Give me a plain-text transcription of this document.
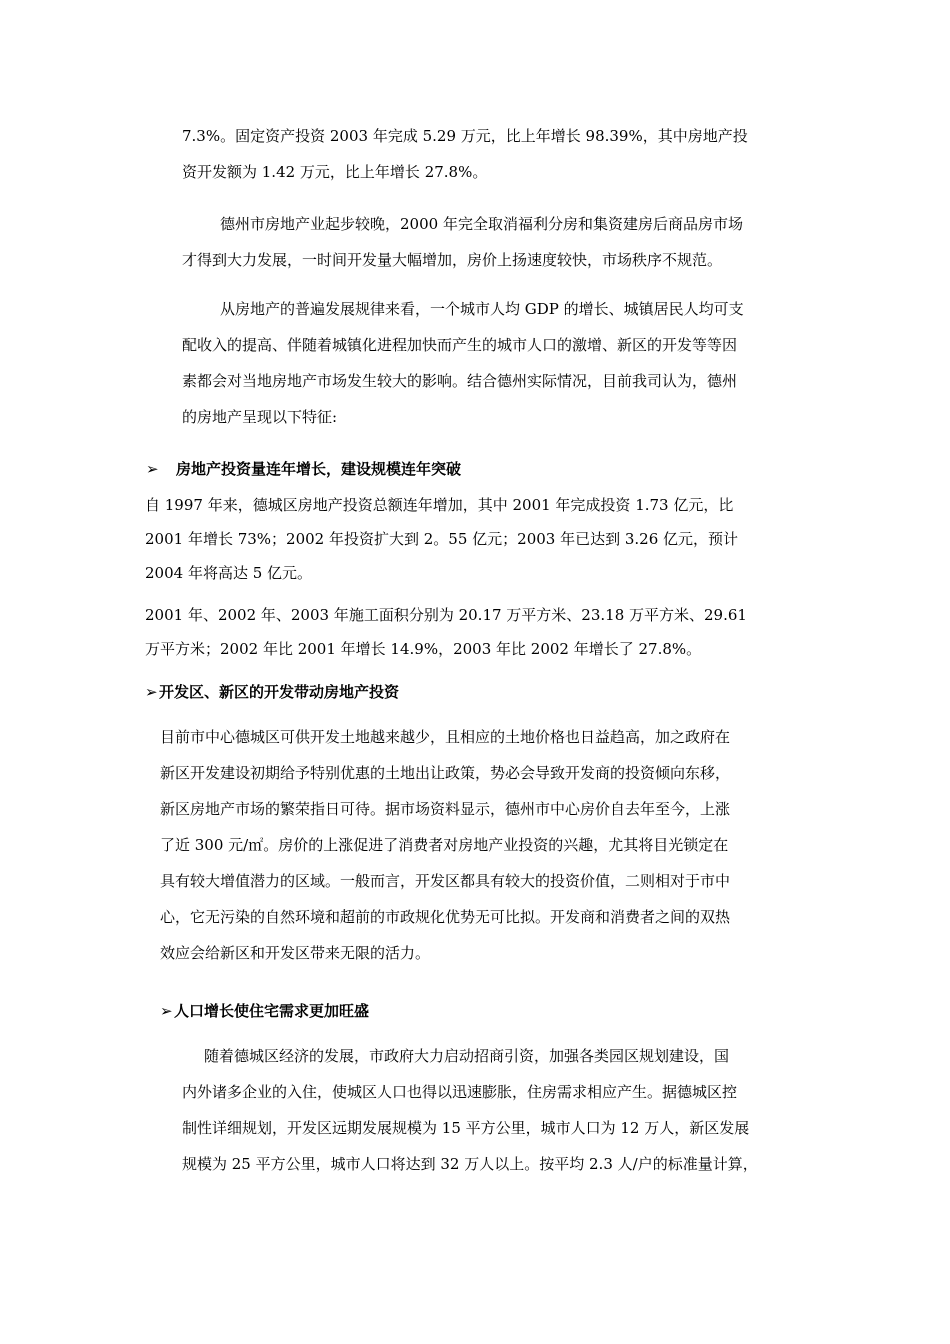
7.3%。固定资产投资 2003 年完成 5.29 万元，比上年增长 98.39%，其中房地产投
资开发额为 1.42 万元，比上年增长 27.8%。
德州市房地产业起步较晚，2000 年完全取消福利分房和集资建房后商品房市场
才得到大力发展，一时间开发量大幅增加，房价上扬速度较快，市场秩序不规范。
从房地产的普遍发展规律来看，一个城市人均 GDP 的增长、城镇居民人均可支
配收入的提高、伴随着城镇化进程加快而产生的城市人口的激增、新区的开发等等因
素都会对当地房地产市场发生较大的影响。结合德州实际情况，目前我司认为，德州
的房地产呈现以下特征:
➢ 房地产投资量连年增长，建设规模连年突破
自 1997 年来，德城区房地产投资总额连年增加，其中 2001 年完成投资 1.73 亿元，比
2001 年增长 73%；2002 年投资扩大到 2。55 亿元；2003 年已达到 3.26 亿元，预计
2004 年将高达 5 亿元。
2001 年、2002 年、2003 年施工面积分别为 20.17 万平方米、23.18 万平方米、29.61
万平方米；2002 年比 2001 年增长 14.9%，2003 年比 2002 年增长了 27.8%。
➢开发区、新区的开发带动房地产投资
目前市中心德城区可供开发土地越来越少，且相应的土地价格也日益趋高，加之政府在
新区开发建设初期给予特别优惠的土地出让政策，势必会导致开发商的投资倾向东移，
新区房地产市场的繁荣指日可待。据市场资料显示，德州市中心房价自去年至今，上涨
了近 300 元/㎡。房价的上涨促进了消费者对房地产业投资的兴趣，尤其将目光锁定在
具有较大增值潜力的区域。一般而言，开发区都具有较大的投资价值，二则相对于市中
心，它无污染的自然环境和超前的市政规化优势无可比拟。开发商和消费者之间的双热
效应会给新区和开发区带来无限的活力。
➢人口增长使住宅需求更加旺盛
随着德城区经济的发展，市政府大力启动招商引资，加强各类园区规划建设，国
内外诸多企业的入住，使城区人口也得以迅速膨胀，住房需求相应产生。据德城区控
制性详细规划，开发区远期发展规模为 15 平方公里，城市人口为 12 万人，新区发展
规模为 25 平方公里，城市人口将达到 32 万人以上。按平均 2.3 人/户的标准量计算，
